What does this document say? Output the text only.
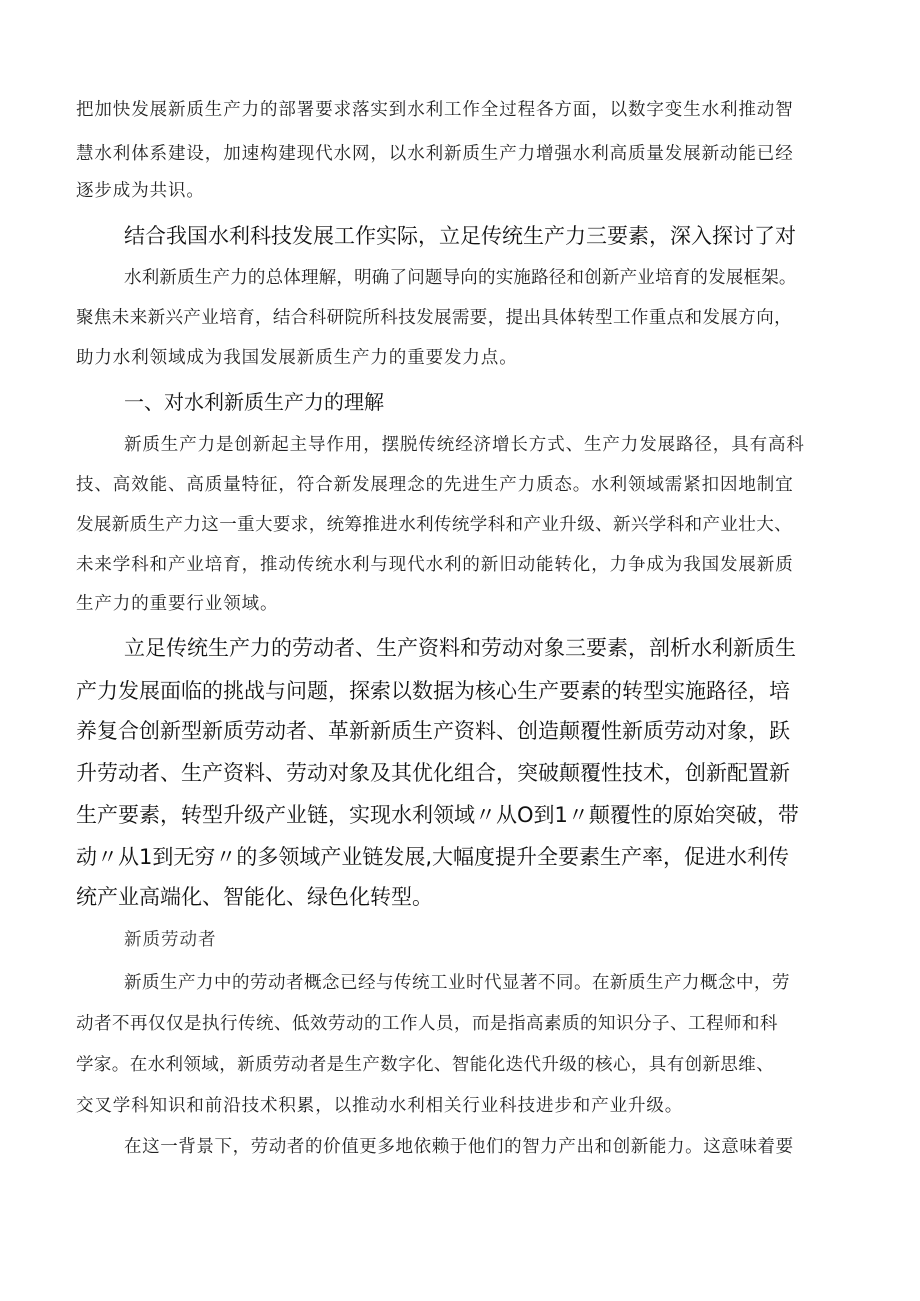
把加快发展新质生产力的部署要求落实到水利工作全过程各方面，以数字变生水利推动智

慧水利体系建设，加速构建现代水网，以水利新质生产力增强水利高质量发展新动能已经

逐步成为共识。

结合我国水利科技发展工作实际，立足传统生产力三要素，深入探讨了对

水利新质生产力的总体理解，明确了问题导向的实施路径和创新产业培育的发展框架。

聚焦未来新兴产业培育，结合科研院所科技发展需要，提出具体转型工作重点和发展方向，

助力水利领域成为我国发展新质生产力的重要发力点。

一、对水利新质生产力的理解

新质生产力是创新起主导作用，摆脱传统经济增长方式、生产力发展路径，具有高科

技、高效能、高质量特征，符合新发展理念的先进生产力质态。水利领域需紧扣因地制宜

发展新质生产力这一重大要求，统筹推进水利传统学科和产业升级、新兴学科和产业壮大、

未来学科和产业培育，推动传统水利与现代水利的新旧动能转化，力争成为我国发展新质

生产力的重要行业领域。

立足传统生产力的劳动者、生产资料和劳动对象三要素，剖析水利新质生

产力发展面临的挑战与问题，探索以数据为核心生产要素的转型实施路径，培

养复合创新型新质劳动者、革新新质生产资料、创造颠覆性新质劳动对象，跃

升劳动者、生产资料、劳动对象及其优化组合，突破颠覆性技术，创新配置新

生产要素，转型升级产业链，实现水利领域〃从O到1〃颠覆性的原始突破，带

动〃从1到无穷〃的多领域产业链发展,大幅度提升全要素生产率，促进水利传

统产业高端化、智能化、绿色化转型。

新质劳动者

新质生产力中的劳动者概念已经与传统工业时代显著不同。在新质生产力概念中，劳

动者不再仅仅是执行传统、低效劳动的工作人员，而是指高素质的知识分子、工程师和科

学家。在水利领域，新质劳动者是生产数字化、智能化迭代升级的核心，具有创新思维、

交叉学科知识和前沿技术积累，以推动水利相关行业科技进步和产业升级。

在这一背景下，劳动者的价值更多地依赖于他们的智力产出和创新能力。这意味着要
